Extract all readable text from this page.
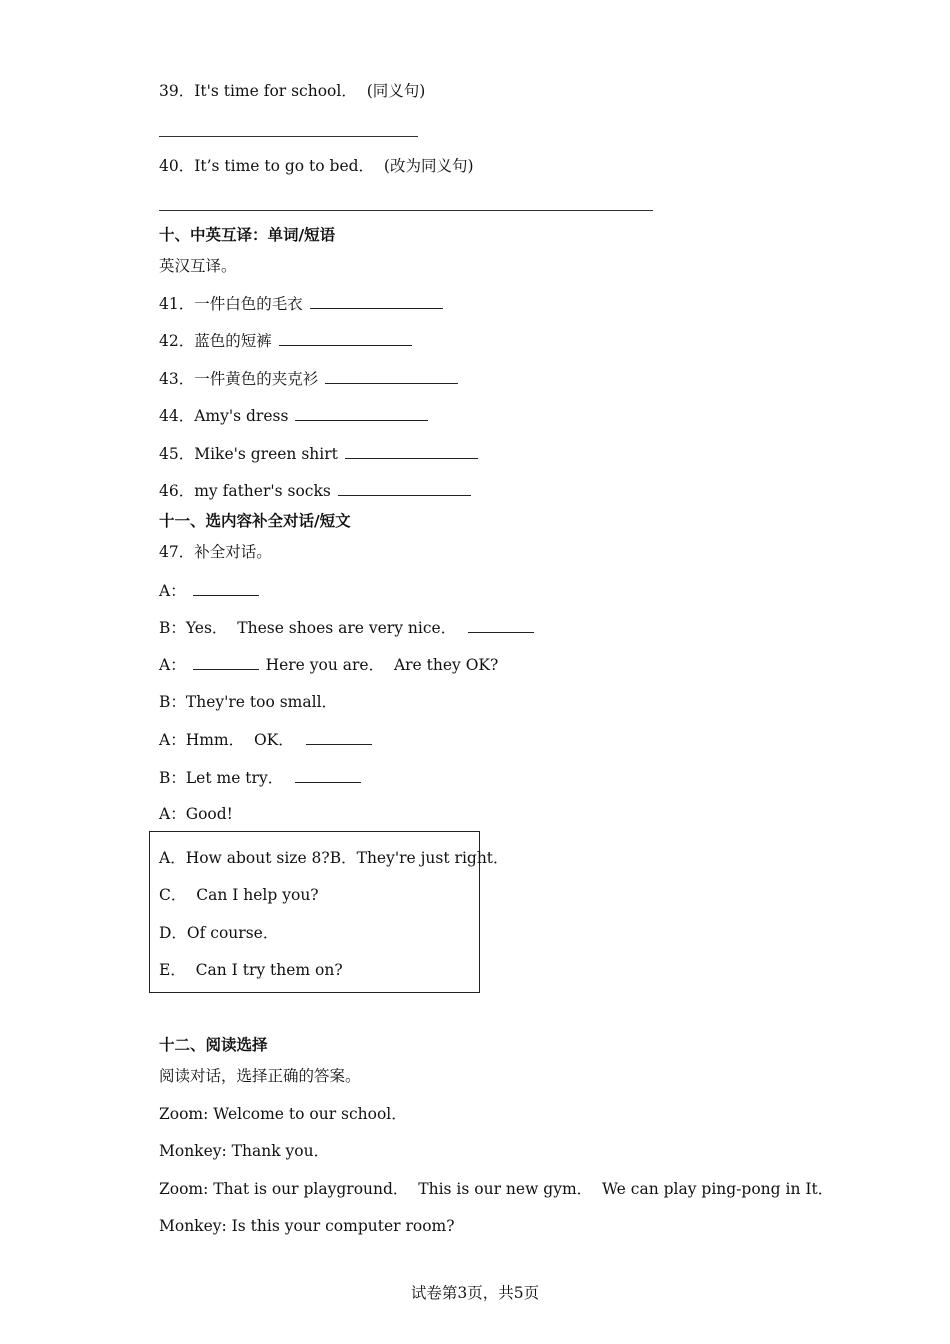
39．It's time for school．  (同义句)
40．It’s time to go to bed．  (改为同义句)
十、中英互译：单词/短语
英汉互译。
41．一件白色的毛衣
42．蓝色的短裤
43．一件黄色的夹克衫
44．Amy's dress
45．Mike's green shirt
46．my father's socks
十一、选内容补全对话/短文
47．补全对话。
A：
B：Yes．  These shoes are very nice．
A：	Here you are．  Are they OK?
B：They're too small．
A：Hmm．  OK．
B：Let me try．
A：Good!
A．How about size 8?B．They're just right．
C．  Can I help you?
D．Of course．
E．  Can I try them on?
十二、阅读选择
阅读对话，选择正确的答案。
Zoom: Welcome to our school．
Monkey: Thank you．
Zoom: That is our playground．  This is our new gym．  We can play ping-pong in It．
Monkey: Is this your computer room?
试卷第3页，共5页
